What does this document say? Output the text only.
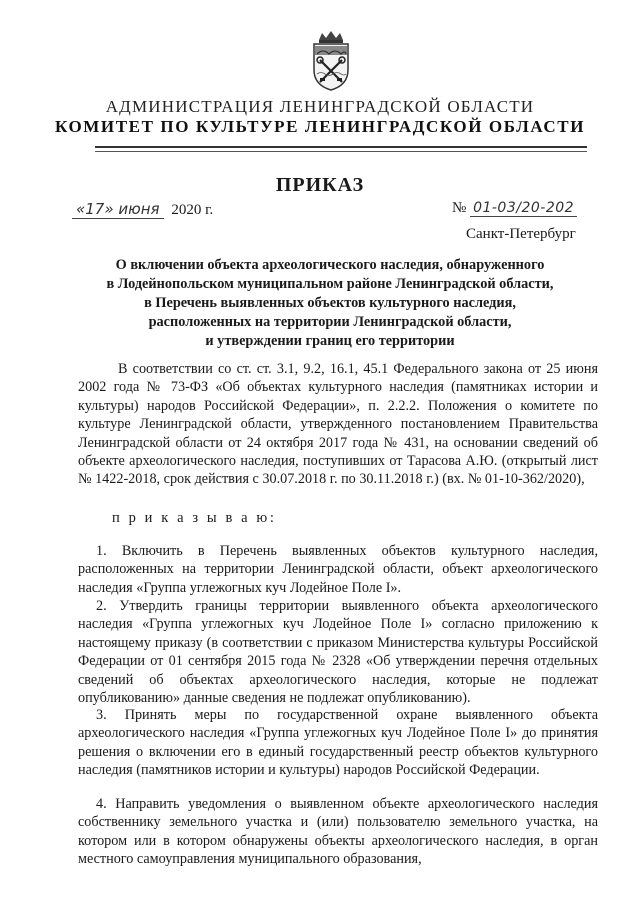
АДМИНИСТРАЦИЯ ЛЕНИНГРАДСКОЙ ОБЛАСТИ
КОМИТЕТ ПО КУЛЬТУРЕ ЛЕНИНГРАДСКОЙ ОБЛАСТИ
ПРИКАЗ
«17» июня 2020 г.	№ 01-03/20-202
Санкт-Петербург
О включении объекта археологического наследия, обнаруженного
в Лодейнопольском муниципальном районе Ленинградской области,
в Перечень выявленных объектов культурного наследия,
расположенных на территории Ленинградской области,
и утверждении границ его территории
В соответствии со ст. ст. 3.1, 9.2, 16.1, 45.1 Федерального закона от 25 июня 2002 года № 73-ФЗ «Об объектах культурного наследия (памятниках истории и культуры) народов Российской Федерации», п. 2.2.2. Положения о комитете по культуре Ленинградской области, утвержденного постановлением Правительства Ленинградской области от 24 октября 2017 года № 431, на основании сведений об объекте археологического наследия, поступивших от Тарасова А.Ю. (открытый лист № 1422-2018, срок действия с 30.07.2018 г. по 30.11.2018 г.) (вх. № 01-10-362/2020),
п р и к а з ы в а ю:
1. Включить в Перечень выявленных объектов культурного наследия, расположенных на территории Ленинградской области, объект археологического наследия «Группа углежогных куч Лодейное Поле I».
2. Утвердить границы территории выявленного объекта археологического наследия «Группа углежогных куч Лодейное Поле I» согласно приложению к настоящему приказу (в соответствии с приказом Министерства культуры Российской Федерации от 01 сентября 2015 года № 2328 «Об утверждении перечня отдельных сведений об объектах археологического наследия, которые не подлежат опубликованию» данные сведения не подлежат опубликованию).
3. Принять меры по государственной охране выявленного объекта археологического наследия «Группа углежогных куч Лодейное Поле I» до принятия решения о включении его в единый государственный реестр объектов культурного наследия (памятников истории и культуры) народов Российской Федерации.
4. Направить уведомления о выявленном объекте археологического наследия собственнику земельного участка и (или) пользователю земельного участка, на котором или в котором обнаружены объекты археологического наследия, в орган местного самоуправления муниципального образования,
